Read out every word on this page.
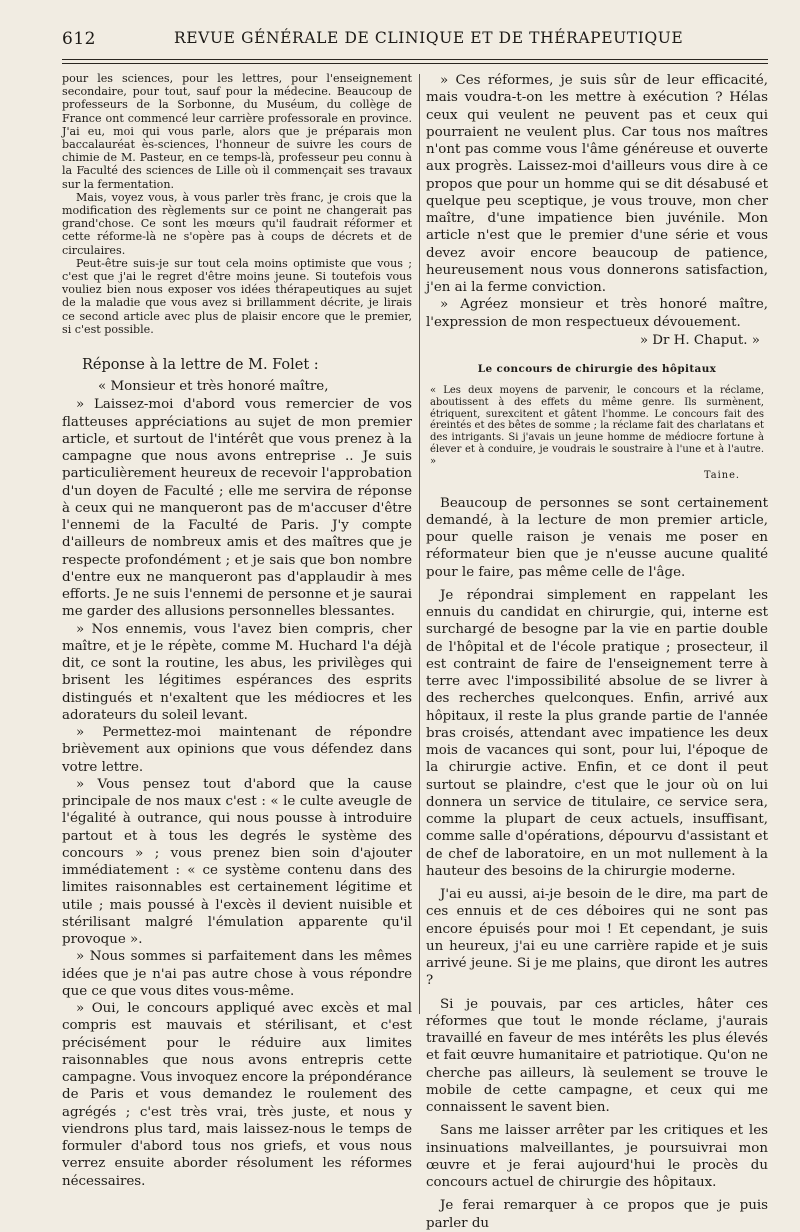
612	REVUE GÉNÉRALE DE CLINIQUE ET DE THÉRAPEUTIQUE

pour les sciences, pour les lettres, pour l'enseignement secondaire, pour tout, sauf pour la médecine. Beaucoup de professeurs de la Sorbonne, du Muséum, du collège de France ont commencé leur carrière professorale en province. J'ai eu, moi qui vous parle, alors que je préparais mon baccalauréat ès-sciences, l'honneur de suivre les cours de chimie de M. Pasteur, en ce temps-là, professeur peu connu à la Faculté des sciences de Lille où il commençait ses travaux sur la fermentation.

Mais, voyez vous, à vous parler très franc, je crois que la modification des règlements sur ce point ne changerait pas grand'chose. Ce sont les mœurs qu'il faudrait réformer et cette réforme-là ne s'opère pas à coups de décrets et de circulaires.

Peut-être suis-je sur tout cela moins optimiste que vous ; c'est que j'ai le regret d'être moins jeune. Si toutefois vous vouliez bien nous exposer vos idées thérapeutiques au sujet de la maladie que vous avez si brillamment décrite, je lirais ce second article avec plus de plaisir encore que le premier, si c'est possible.

Réponse à la lettre de M. Folet :
« Monsieur et très honoré maître,

» Laissez-moi d'abord vous remercier de vos flatteuses appréciations au sujet de mon premier article, et surtout de l'intérêt que vous prenez à la campagne que nous avons entreprise .. Je suis particulièrement heureux de recevoir l'approbation d'un doyen de Faculté ; elle me servira de réponse à ceux qui ne manqueront pas de m'accuser d'être l'ennemi de la Faculté de Paris. J'y compte d'ailleurs de nombreux amis et des maîtres que je respecte profondément ; et je sais que bon nombre d'entre eux ne manqueront pas d'applaudir à mes efforts. Je ne suis l'ennemi de personne et je saurai me garder des allusions personnelles blessantes.

» Nos ennemis, vous l'avez bien compris, cher maître, et je le répète, comme M. Huchard l'a déjà dit, ce sont la routine, les abus, les privilèges qui brisent les légitimes espérances des esprits distingués et n'exaltent que les médiocres et les adorateurs du soleil levant.

» Permettez-moi maintenant de répondre brièvement aux opinions que vous défendez dans votre lettre.

» Vous pensez tout d'abord que la cause principale de nos maux c'est : « le culte aveugle de l'égalité à outrance, qui nous pousse à introduire partout et à tous les degrés le système des concours » ; vous prenez bien soin d'ajouter immédiatement : « ce système contenu dans des limites raisonnables est certainement légitime et utile ; mais poussé à l'excès il devient nuisible et stérilisant malgré l'émulation apparente qu'il provoque ».

» Nous sommes si parfaitement dans les mêmes idées que je n'ai pas autre chose à vous répondre que ce que vous dites vous-même.

» Oui, le concours appliqué avec excès et mal compris est mauvais et stérilisant, et c'est précisément pour le réduire aux limites raisonnables que nous avons entrepris cette campagne. Vous invoquez encore la prépondérance de Paris et vous demandez le roulement des agrégés ; c'est très vrai, très juste, et nous y viendrons plus tard, mais laissez-nous le temps de formuler d'abord tous nos griefs, et vous nous verrez ensuite aborder résolument les réformes nécessaires.

» Ces réformes, je suis sûr de leur efficacité, mais voudra-t-on les mettre à exécution ? Hélas ceux qui veulent ne peuvent pas et ceux qui pourraient ne veulent plus. Car tous nos maîtres n'ont pas comme vous l'âme généreuse et ouverte aux progrès. Laissez-moi d'ailleurs vous dire à ce propos que pour un homme qui se dit désabusé et quelque peu sceptique, je vous trouve, mon cher maître, d'une impatience bien juvénile. Mon article n'est que le premier d'une série et vous devez avoir encore beaucoup de patience, heureusement nous vous donnerons satisfaction, j'en ai la ferme conviction.

» Agréez monsieur et très honoré maître, l'expression de mon respectueux dévouement.

» Dr H. Chaput. »
Le concours de chirurgie des hôpitaux

« Les deux moyens de parvenir, le concours et la réclame, aboutissent à des effets du même genre. Ils surmènent, étriquent, surexcitent et gâtent l'homme. Le concours fait des éreintés et des bêtes de somme ; la réclame fait des charlatans et des intrigants. Si j'avais un jeune homme de médiocre fortune à élever et à conduire, je voudrais le soustraire à l'une et à l'autre. »

Taine.

Beaucoup de personnes se sont certainement demandé, à la lecture de mon premier article, pour quelle raison je venais me poser en réformateur bien que je n'eusse aucune qualité pour le faire, pas même celle de l'âge.

Je répondrai simplement en rappelant les ennuis du candidat en chirurgie, qui, interne est surchargé de besogne par la vie en partie double de l'hôpital et de l'école pratique ; prosecteur, il est contraint de faire de l'enseignement terre à terre avec l'impossibilité absolue de se livrer à des recherches quelconques. Enfin, arrivé aux hôpitaux, il reste la plus grande partie de l'année bras croisés, attendant avec impatience les deux mois de vacances qui sont, pour lui, l'époque de la chirurgie active. Enfin, et ce dont il peut surtout se plaindre, c'est que le jour où on lui donnera un service de titulaire, ce service sera, comme la plupart de ceux actuels, insuffisant, comme salle d'opérations, dépourvu d'assistant et de chef de laboratoire, en un mot nullement à la hauteur des besoins de la chirurgie moderne.

J'ai eu aussi, ai-je besoin de le dire, ma part de ces ennuis et de ces déboires qui ne sont pas encore épuisés pour moi ! Et cependant, je suis un heureux, j'ai eu une carrière rapide et je suis arrivé jeune. Si je me plains, que diront les autres ?

Si je pouvais, par ces articles, hâter ces réformes que tout le monde réclame, j'aurais travaillé en faveur de mes intérêts les plus élevés et fait œuvre humanitaire et patriotique. Qu'on ne cherche pas ailleurs, là seulement se trouve le mobile de cette campagne, et ceux qui me connaissent le savent bien.

Sans me laisser arrêter par les critiques et les insinuations malveillantes, je poursuivrai mon œuvre et je ferai aujourd'hui le procès du concours actuel de chirurgie des hôpitaux.

Je ferai remarquer à ce propos que je puis parler du
